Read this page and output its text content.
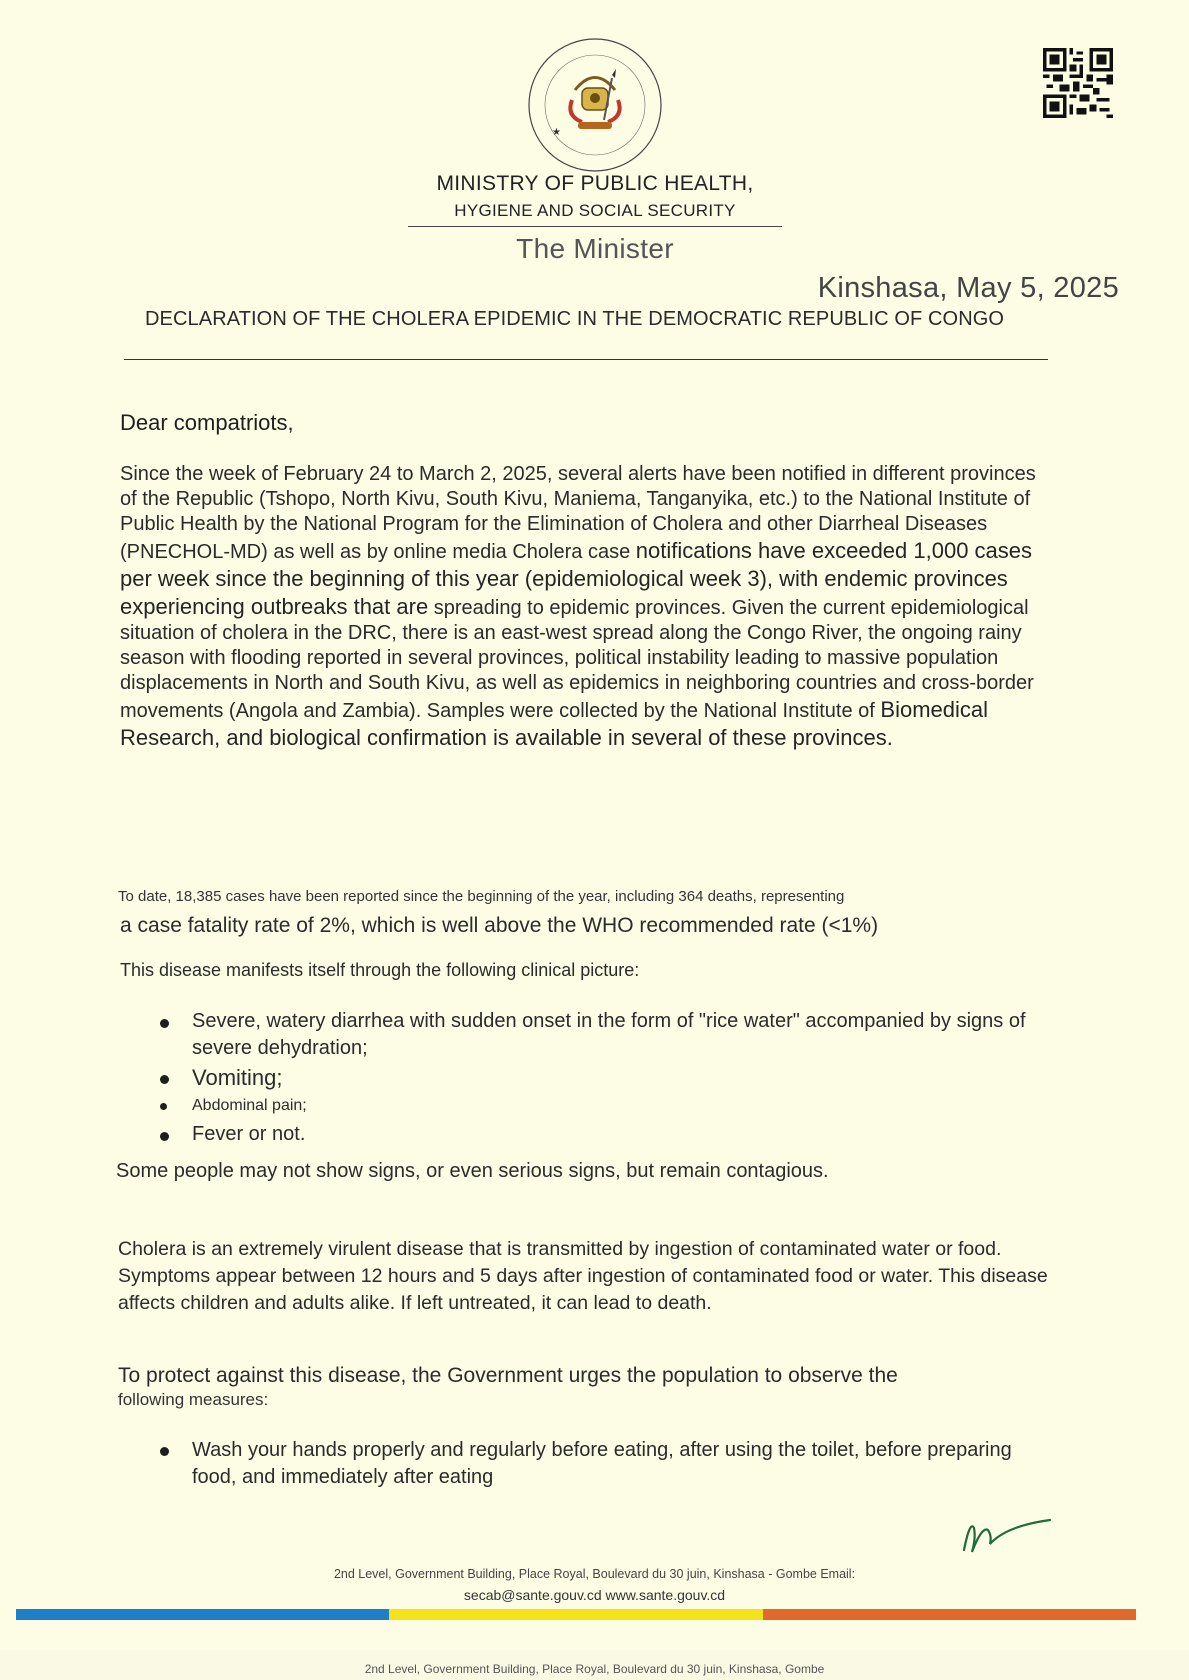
★
MINISTRY OF PUBLIC HEALTH,
HYGIENE AND SOCIAL SECURITY
The Minister
Kinshasa, May 5, 2025
DECLARATION OF THE CHOLERA EPIDEMIC IN THE DEMOCRATIC REPUBLIC OF CONGO
Dear compatriots,
Since the week of February 24 to March 2, 2025, several alerts have been notified in different provinces of the Republic (Tshopo, North Kivu, South Kivu, Maniema, Tanganyika, etc.) to the National Institute of Public Health by the National Program for the Elimination of Cholera and other Diarrheal Diseases (PNECHOL-MD) as well as by online media Cholera case notifications have exceeded 1,000 cases per week since the beginning of this year (epidemiological week 3), with endemic provinces experiencing outbreaks that are spreading to epidemic provinces. Given the current epidemiological situation of cholera in the DRC, there is an east-west spread along the Congo River, the ongoing rainy season with flooding reported in several provinces, political instability leading to massive population displacements in North and South Kivu, as well as epidemics in neighboring countries and cross-border movements (Angola and Zambia). Samples were collected by the National Institute of Biomedical Research, and biological confirmation is available in several of these provinces.
To date, 18,385 cases have been reported since the beginning of the year, including 364 deaths, representing
a case fatality rate of 2%, which is well above the WHO recommended rate (<1%)
This disease manifests itself through the following clinical picture:
Severe, watery diarrhea with sudden onset in the form of "rice water" accompanied by signs of severe dehydration;
Vomiting;
Abdominal pain;
Fever or not.
Some people may not show signs, or even serious signs, but remain contagious.
Cholera is an extremely virulent disease that is transmitted by ingestion of contaminated water or food. Symptoms appear between 12 hours and 5 days after ingestion of contaminated food or water. This disease affects children and adults alike. If left untreated, it can lead to death.
To protect against this disease, the Government urges the population to observe the
following measures:
Wash your hands properly and regularly before eating, after using the toilet, before preparing food, and immediately after eating
2nd Level, Government Building, Place Royal, Boulevard du 30 juin, Kinshasa - Gombe Email:
secab@sante.gouv.cd www.sante.gouv.cd
2nd Level, Government Building, Place Royal, Boulevard du 30 juin, Kinshasa, Gombe
